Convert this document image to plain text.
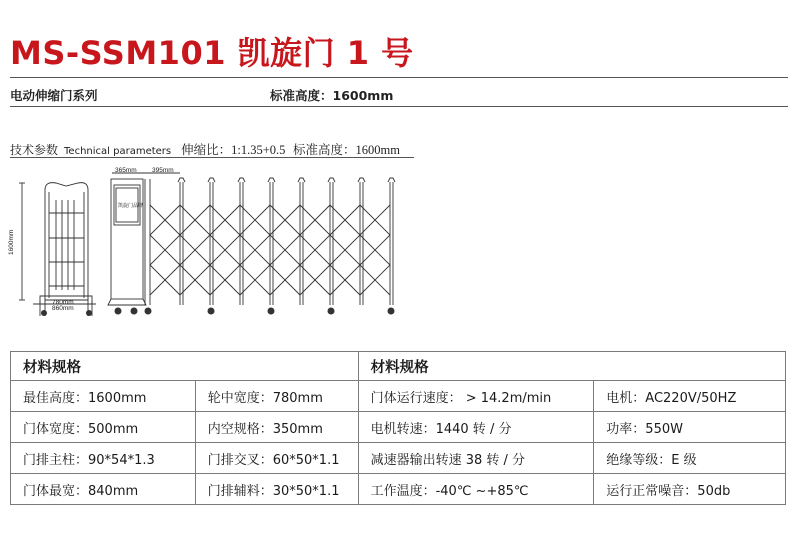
MS-SSM101 凯旋门 1 号
电动伸缩门系列	标准高度：1600mm
技术参数 Technical parameters 伸缩比：1:1.35+0.5 标准高度：1600mm
1600mm
780mm
860mm
365mm 395mm
凯旋门品牌
材料规格		材料规格	
最佳高度：1600mm	轮中宽度：780mm	门体运行速度： > 14.2m/min	电机：AC220V/50HZ
门体宽度：500mm	内空规格：350mm	电机转速：1440 转 / 分	功率：550W
门排主柱：90*54*1.3	门排交叉：60*50*1.1	减速器输出转速 38 转 / 分	绝缘等级：E 级
门体最宽：840mm	门排辅料：30*50*1.1	工作温度：-40℃ ~+85℃	运行正常噪音：50db
